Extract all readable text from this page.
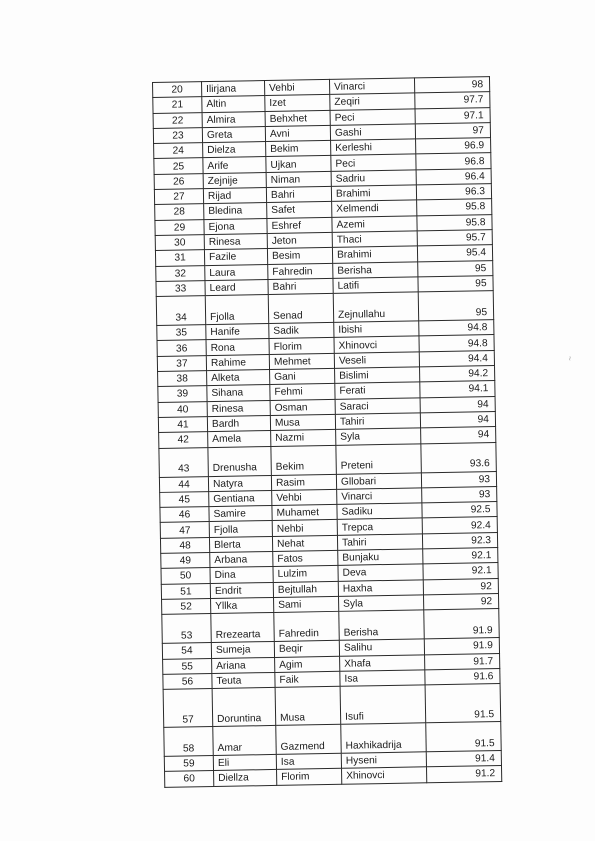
20	Ilirjana	Vehbi	Vinarci	98
21	Altin	Izet	Zeqiri	97.7
22	Almira	Behxhet	Peci	97.1
23	Greta	Avni	Gashi	97
24	Dielza	Bekim	Kerleshi	96.9
25	Arife	Ujkan	Peci	96.8
26	Zejnije	Niman	Sadriu	96.4
27	Rijad	Bahri	Brahimi	96.3
28	Bledina	Safet	Xelmendi	95.8
29	Ejona	Eshref	Azemi	95.8
30	Rinesa	Jeton	Thaci	95.7
31	Fazile	Besim	Brahimi	95.4
32	Laura	Fahredin	Berisha	95
33	Leard	Bahri	Latifi	95
34	Fjolla	Senad	Zejnullahu	95
35	Hanife	Sadik	Ibishi	94.8
36	Rona	Florim	Xhinovci	94.8
37	Rahime	Mehmet	Veseli	94.4
38	Alketa	Gani	Bislimi	94.2
39	Sihana	Fehmi	Ferati	94.1
40	Rinesa	Osman	Saraci	94
41	Bardh	Musa	Tahiri	94
42	Amela	Nazmi	Syla	94
43	Drenusha	Bekim	Preteni	93.6
44	Natyra	Rasim	Gllobari	93
45	Gentiana	Vehbi	Vinarci	93
46	Samire	Muhamet	Sadiku	92.5
47	Fjolla	Nehbi	Trepca	92.4
48	Blerta	Nehat	Tahiri	92.3
49	Arbana	Fatos	Bunjaku	92.1
50	Dina	Lulzim	Deva	92.1
51	Endrit	Bejtullah	Haxha	92
52	Yllka	Sami	Syla	92
53	Rrezearta	Fahredin	Berisha	91.9
54	Sumeja	Beqir	Salihu	91.9
55	Ariana	Agim	Xhafa	91.7
56	Teuta	Faik	Isa	91.6
57	Doruntina	Musa	Isufi	91.5
58	Amar	Gazmend	Haxhikadrija	91.5
59	Eli	Isa	Hyseni	91.4
60	Diellza	Florim	Xhinovci	91.2
~
